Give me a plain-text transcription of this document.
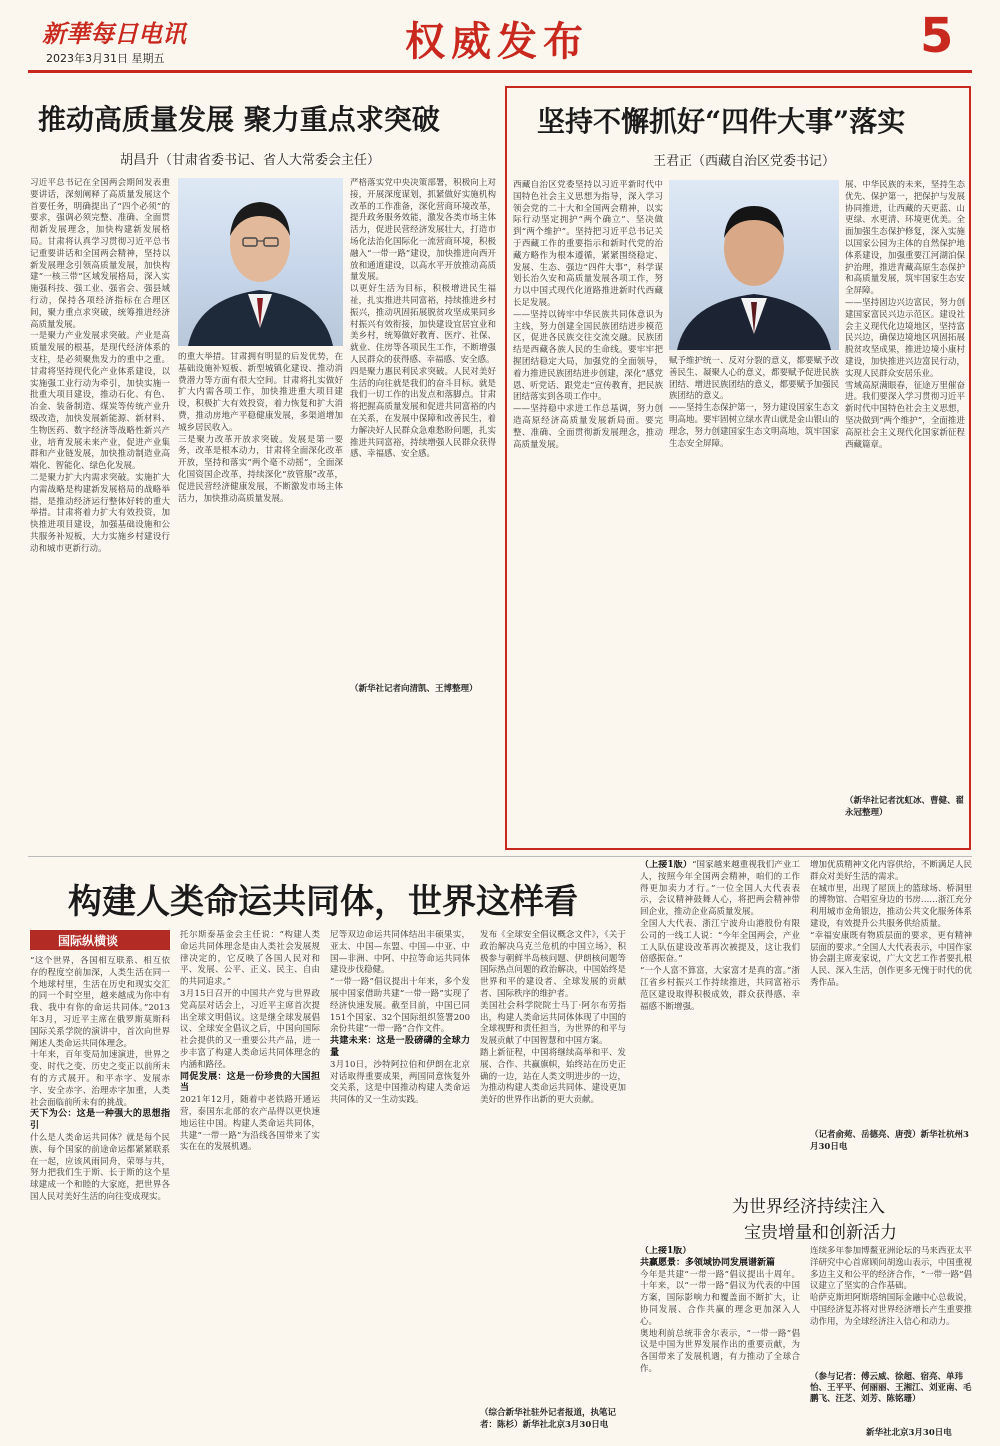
新華每日电讯
2023年3月31日 星期五	权威发布	5
推动高质量发展 聚力重点求突破
胡昌升（甘肃省委书记、省人大常委会主任）
习近平总书记在全国两会期间发表重要讲话，深刻阐释了高质量发展这个首要任务，明确提出了“四个必须”的要求，强调必须完整、准确、全面贯彻新发展理念，加快构建新发展格局。甘肃将认真学习贯彻习近平总书记重要讲话和全国两会精神，坚持以新发展理念引领高质量发展，加快构建“一核三带”区域发展格局，深入实施强科技、强工业、强省会、强县域行动，保持各项经济指标在合理区间，聚力重点求突破，统筹推进经济高质量发展。
一是聚力产业发展求突破。产业是高质量发展的根基，是现代经济体系的支柱，是必须聚焦发力的重中之重。甘肃将坚持现代化产业体系建设，以实施强工业行动为牵引，加快实施一批重大项目建设，推动石化、有色、冶金、装备制造、煤炭等传统产业升级改造，加快发展新能源、新材料、生物医药、数字经济等战略性新兴产业，培育发展未来产业，促进产业集群和产业链发展，加快推动制造业高端化、智能化、绿色化发展。
二是聚力扩大内需求突破。实施扩大内需战略是构建新发展格局的战略举措，是推动经济运行整体好转的重大举措。甘肃将着力扩大有效投资，加快推进项目建设，加强基础设施和公共服务补短板，大力实施乡村建设行动和城市更新行动。
的重大举措。甘肃拥有明显的后发优势，在基础设施补短板、新型城镇化建设、推动消费潜力等方面有很大空间。甘肃将扎实做好扩大内需各项工作，加快推进重大项目建设，积极扩大有效投资，着力恢复和扩大消费，推动房地产平稳健康发展，多渠道增加城乡居民收入。
三是聚力改革开放求突破。发展是第一要务，改革是根本动力，甘肃将全面深化改革开放，坚持和落实“两个毫不动摇”，全面深化国资国企改革，持续深化“放管服”改革，促进民营经济健康发展，不断激发市场主体活力，加快推动高质量发展。
严格落实党中央决策部署，积极向上对接，开展深度谋划，抓紧做好实施机构改革的工作准备，深化营商环境改革，提升政务服务效能，激发各类市场主体活力，促进民营经济发展壮大，打造市场化法治化国际化一流营商环境，积极融入“一带一路”建设，加快推进向西开放和通道建设，以高水平开放推动高质量发展。
以更好生活为目标，积极增进民生福祉，扎实推进共同富裕，持续推进乡村振兴，推动巩固拓展脱贫攻坚成果同乡村振兴有效衔接，加快建设宜居宜业和美乡村，统筹做好教育、医疗、社保、就业、住房等各项民生工作，不断增强人民群众的获得感、幸福感、安全感。
四是聚力惠民利民求突破。人民对美好生活的向往就是我们的奋斗目标。就是我们一切工作的出发点和落脚点。甘肃将把握高质量发展和促进共同富裕的内在关系，在发展中保障和改善民生，着力解决好人民群众急难愁盼问题，扎实推进共同富裕，持续增强人民群众获得感、幸福感、安全感。
（新华社记者向清凯、王博整理）
坚持不懈抓好“四件大事”落实
王君正（西藏自治区党委书记）
西藏自治区党委坚持以习近平新时代中国特色社会主义思想为指导，深入学习领会党的二十大和全国两会精神，以实际行动坚定拥护“两个确立”、坚决做到“两个维护”。坚持把习近平总书记关于西藏工作的重要指示和新时代党的治藏方略作为根本遵循，紧紧围绕稳定、发展、生态、强边“四件大事”，科学谋划长治久安和高质量发展各项工作，努力以中国式现代化道路推进新时代西藏长足发展。
——坚持以铸牢中华民族共同体意识为主线，努力创建全国民族团结进步模范区，促进各民族交往交流交融。民族团结是西藏各族人民的生命线。要牢牢把握团结稳定大局，加强党的全面领导，着力推进民族团结进步创建，深化“感党恩、听党话、跟党走”宣传教育，把民族团结落实到各项工作中。
——坚持稳中求进工作总基调，努力创造高原经济高质量发展新局面。要完整、准确、全面贯彻新发展理念，推动高质量发展。
赋予维护统一、反对分裂的意义，都要赋予改善民生、凝聚人心的意义，都要赋予促进民族团结、增进民族团结的意义，都要赋予加强民族团结的意义。
——坚持生态保护第一，努力建设国家生态文明高地。要牢固树立绿水青山就是金山银山的理念，努力创建国家生态文明高地，筑牢国家生态安全屏障。
展、中华民族的未来，坚持生态优先、保护第一，把保护与发展协同推进，让西藏的天更蓝、山更绿、水更清、环境更优美。全面加强生态保护修复，深入实施以国家公园为主体的自然保护地体系建设，加强重要江河湖泊保护治理，推进青藏高原生态保护和高质量发展，筑牢国家生态安全屏障。
——坚持固边兴边富民，努力创建国家富民兴边示范区。建设社会主义现代化边境地区，坚持富民兴边，确保边境地区巩固拓展脱贫攻坚成果，推进边境小康村建设，加快推进兴边富民行动，实现人民群众安居乐业。
雪域高原满眼春，征途万里催奋进。我们要深入学习贯彻习近平新时代中国特色社会主义思想，坚决做到“两个维护”，全面推进高原社会主义现代化国家新征程西藏篇章。
（新华社记者沈虹冰、曹健、翟永冠整理）
构建人类命运共同体，世界这样看
国际纵横谈
“这个世界，各国相互联系、相互依存的程度空前加深，人类生活在同一个地球村里，生活在历史和现实交汇的同一个时空里，越来越成为你中有我、我中有你的命运共同体。”2013年3月，习近平主席在俄罗斯莫斯科国际关系学院的演讲中，首次向世界阐述人类命运共同体理念。
十年来，百年变局加速演进，世界之变、时代之变、历史之变正以前所未有的方式展开。和平赤字、发展赤字、安全赤字、治理赤字加重，人类社会面临前所未有的挑战。
天下为公：这是一种强大的思想指引
什么是人类命运共同体？就是每个民族、每个国家的前途命运都紧紧联系在一起，应该风雨同舟，荣辱与共，努力把我们生于斯、长于斯的这个星球建成一个和睦的大家庭，把世界各国人民对美好生活的向往变成现实。
托尔斯泰基金会主任说：“构建人类命运共同体理念是由人类社会发展规律决定的，它反映了各国人民对和平、发展、公平、正义、民主、自由的共同追求。”
3月15日召开的中国共产党与世界政党高层对话会上，习近平主席首次提出全球文明倡议。这是继全球发展倡议、全球安全倡议之后，中国向国际社会提供的又一重要公共产品，进一步丰富了构建人类命运共同体理念的内涵和路径。
同促发展：这是一份珍贵的大国担当
2021年12月，随着中老铁路开通运营，泰国东北部的农产品得以更快速地运往中国。构建人类命运共同体，共建“一带一路”为沿线各国带来了实实在在的发展机遇。
尼等双边命运共同体结出丰硕果实，亚太、中国—东盟、中国—中亚、中国—非洲、中阿、中拉等命运共同体建设步伐稳健。
“一带一路”倡议提出十年来，多个发展中国家借助共建“一带一路”实现了经济快速发展。截至目前，中国已同151个国家、32个国际组织签署200余份共建“一带一路”合作文件。
共建未来：这是一股磅礴的全球力量
3月10日，沙特阿拉伯和伊朗在北京对话取得重要成果，两国同意恢复外交关系，这是中国推动构建人类命运共同体的又一生动实践。
发布《全球安全倡议概念文件》，《关于政治解决乌克兰危机的中国立场》，积极参与朝鲜半岛核问题、伊朗核问题等国际热点问题的政治解决，中国始终是世界和平的建设者、全球发展的贡献者、国际秩序的维护者。
美国社会科学院院士马丁·阿尔布劳指出，构建人类命运共同体体现了中国的全球视野和责任担当，为世界的和平与发展贡献了中国智慧和中国方案。
踏上新征程，中国将继续高举和平、发展、合作、共赢旗帜，始终站在历史正确的一边，站在人类文明进步的一边，为推动构建人类命运共同体、建设更加美好的世界作出新的更大贡献。
（综合新华社驻外记者报道，执笔记者：陈杉）新华社北京3月30日电
（上接1版）“国家越来越重视我们产业工人，按照今年全国两会精神，咱们的工作得更加卖力才行。”一位全国人大代表表示，会议精神鼓舞人心，将把两会精神带回企业，推动企业高质量发展。
全国人大代表、浙江宁波舟山港股份有限公司的一线工人说：“今年全国两会，产业工人队伍建设改革再次被提及，这让我们倍感振奋。”
“一个人富不算富，大家富才是真的富。”浙江省乡村振兴工作持续推进，共同富裕示范区建设取得积极成效，群众获得感、幸福感不断增强。
增加优质精神文化内容供给，不断满足人民群众对美好生活的需求。
在城市里，出现了屋顶上的篮球场、桥洞里的博物馆、合唱室身边的书房……浙江充分利用城市金角银边，推动公共文化服务体系建设，有效提升公共服务供给质量。
“幸福安康既有物质层面的要求，更有精神层面的要求。”全国人大代表表示，中国作家协会副主席麦家说，广大文艺工作者要扎根人民、深入生活，创作更多无愧于时代的优秀作品。
（记者俞菀、岳德亮、唐弢）新华社杭州3月30日电
为世界经济持续注入
宝贵增量和创新活力
（上接1版）
共赢愿景：多领域协同发展谱新篇
今年是共建“一带一路”倡议提出十周年。十年来，以“一带一路”倡议为代表的中国方案，国际影响力和覆盖面不断扩大，让协同发展、合作共赢的理念更加深入人心。
奥地利前总统菲舍尔表示，“一带一路”倡议是中国为世界发展作出的重要贡献，为各国带来了发展机遇，有力推动了全球合作。
连续多年参加博鳌亚洲论坛的马来西亚太平洋研究中心首席顾问胡逸山表示，中国重视多边主义和公平的经济合作，“一带一路”倡议建立了坚实的合作基础。
哈萨克斯坦阿斯塔纳国际金融中心总裁说，中国经济复苏将对世界经济增长产生重要推动作用，为全球经济注入信心和动力。
（参与记者：傅云威、徐超、宿亮、单玮怡、王平平、何丽丽、王湘江、刘亚南、毛鹏飞、汪芝、刘芳、陈铭珊）
新华社北京3月30日电
